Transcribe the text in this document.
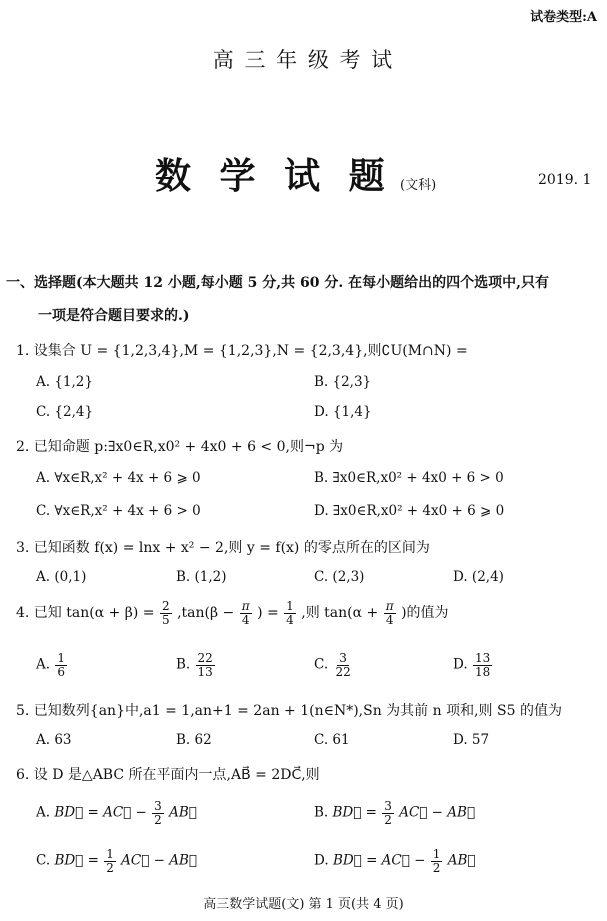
试卷类型:A
高 三 年 级 考 试
数 学 试 题 (文科)	2019. 1
一、选择题(本大题共 12 小题,每小题 5 分,共 60 分. 在每小题给出的四个选项中,只有
一项是符合题目要求的.)
1. 设集合 U = {1,2,3,4},M = {1,2,3},N = {2,3,4},则∁U(M∩N) =
A. {1,2}	B. {2,3}
C. {2,4}	D. {1,4}
2. 已知命题 p:∃x0∈R,x0² + 4x0 + 6 < 0,则¬p 为
A. ∀x∈R,x² + 4x + 6 ⩾ 0	B. ∃x0∈R,x0² + 4x0 + 6 > 0
C. ∀x∈R,x² + 4x + 6 > 0	D. ∃x0∈R,x0² + 4x0 + 6 ⩾ 0
3. 已知函数 f(x) = lnx + x² − 2,则 y = f(x) 的零点所在的区间为
A. (0,1)	B. (1,2)	C. (2,3)	D. (2,4)
4. 已知 $\tan(\alpha + \beta) = \frac{2}{5} ,\tan(\beta - \frac{\pi}{4}$ ) = $\frac{1}{4}$ ,则 $\tan(\alpha + \frac{\pi}{4}$ )的值为
A. $\frac{1}{6}$	B. $\frac{22}{13}$	C. $\frac{3}{22}$	D. $\frac{13}{18}$
5. 已知数列{an}中,a1 = 1,an+1 = 2an + 1(n∈N*),Sn 为其前 n 项和,则 S5 的值为
A. 63	B. 62	C. 61	D. 57
6. 设 D 是△ABC 所在平面内一点,AB⃗ = 2DC⃗,则
A. BD⃗ = AC⃗ − $\frac{3}{2}$ AB⃗	B. BD⃗ = $\frac{3}{2}$ AC⃗ − AB⃗
C. BD⃗ = $\frac{1}{2}$ AC⃗ − AB⃗	D. BD⃗ = AC⃗ − $\frac{1}{2}$ AB⃗
高三数学试题(文) 第 1 页(共 4 页)
